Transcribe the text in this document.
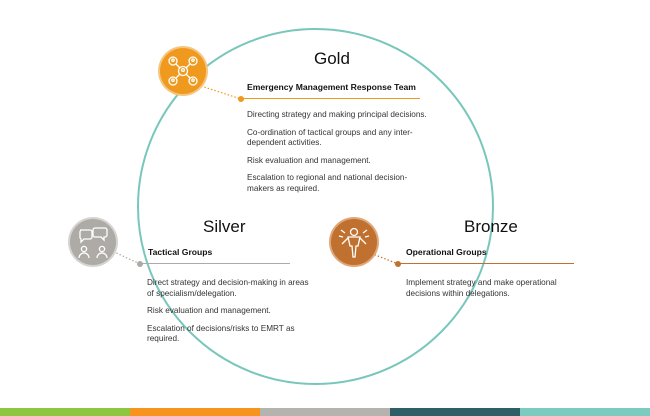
Gold
Emergency Management Response Team
Directing strategy and making principal decisions.
Co-ordination of tactical groups and any inter-dependent activities.
Risk evaluation and management.
Escalation to regional and national decision-makers as required.
Silver
Tactical Groups
Direct strategy and decision-making in areas of specialism/delegation.
Risk evaluation and management.
Escalation of decisions/risks to EMRT as required.
Bronze
Operational Groups
Implement strategy and make operational decisions within delegations.
